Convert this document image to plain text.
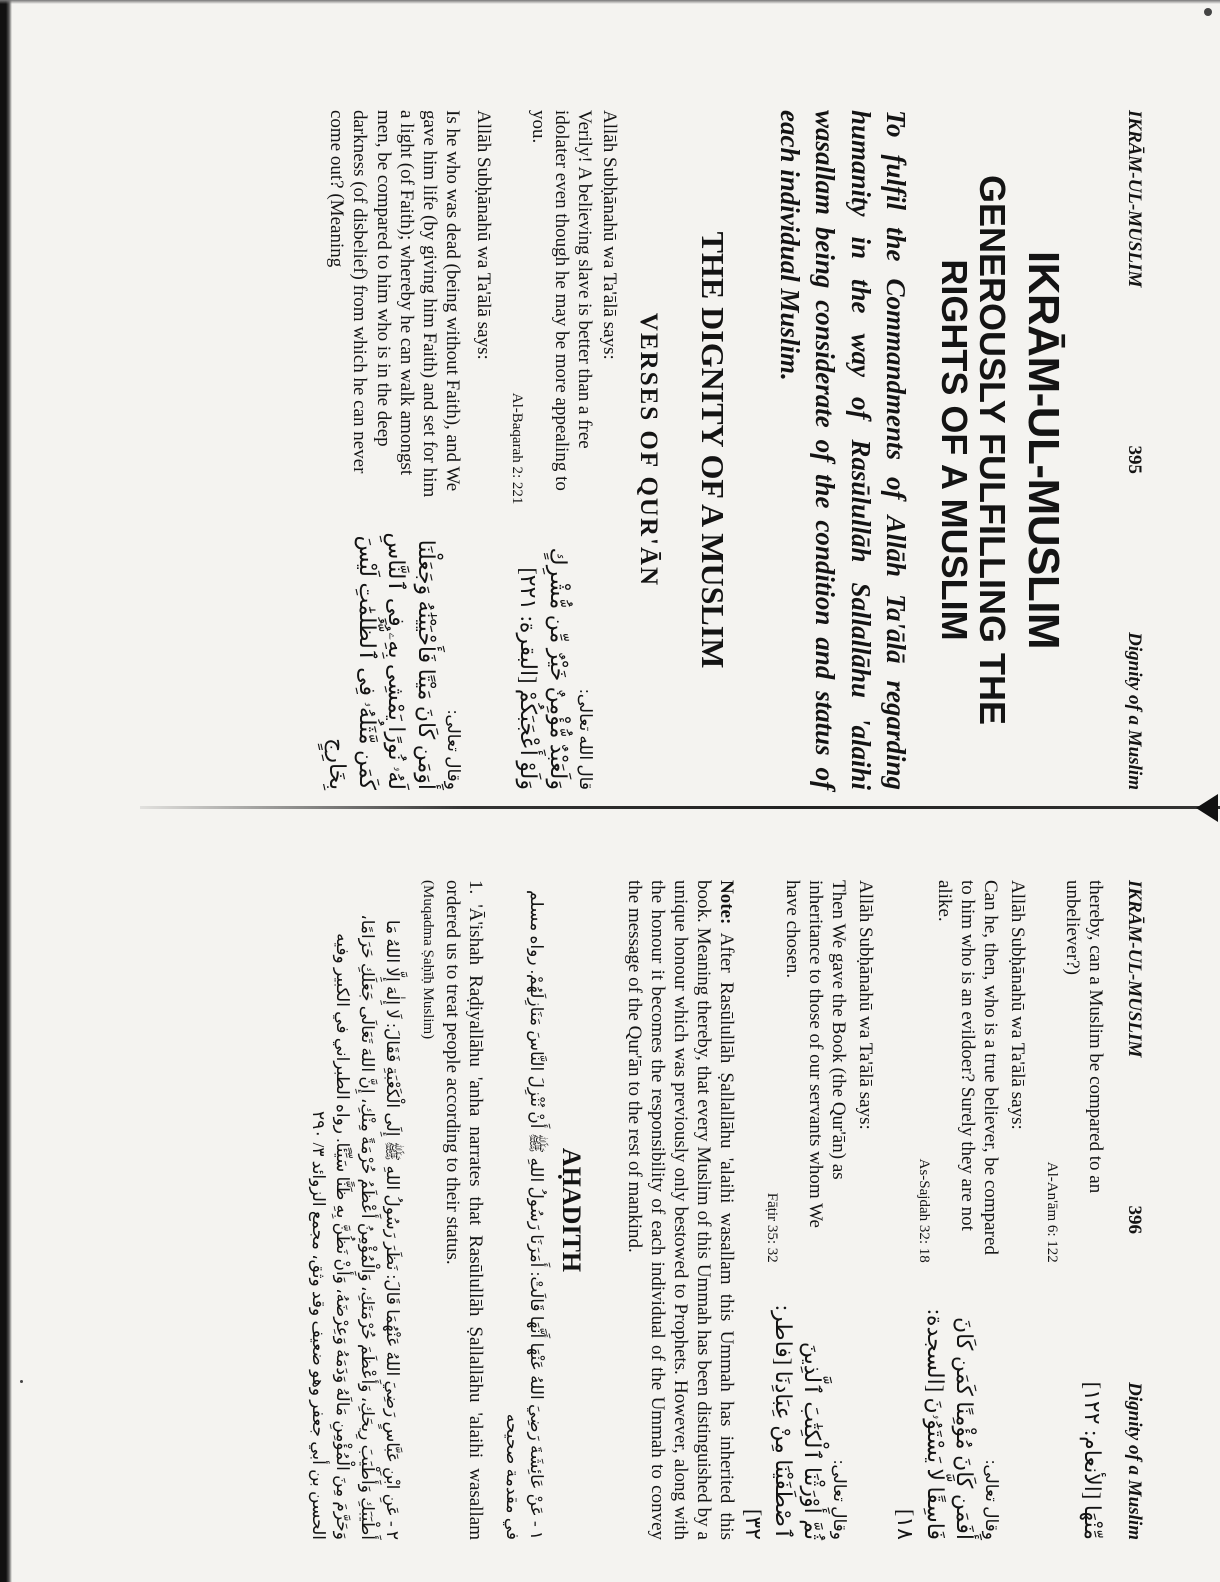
IKRĀM-UL-MUSLIM
395
Dignity of a Muslim
IKRĀM-UL-MUSLIM
GENEROUSLY FULFILLING THE
RIGHTS OF A MUSLIM
To fulfil the Commandments of Allāh Ta'ālā regarding humanity in the way of Rasūlullāh Sallallāhu 'alaihi wasallam being considerate of the condition and status of each individual Muslim.
THE DIGNITY OF A MUSLIM
VERSES OF QUR'ĀN
Allāh Subḥānahū wa Ta'ālā says:

Verily! A believing slave is better than a free idolater even though he may be more appealing to you.

Al-Baqarah 2: 221
قال الله تعالى:
وَلَعَبْدٌ مُّؤْمِنٌ خَيْرٌ مِّن مُّشْرِكٍ وَلَوْ أَعْجَبَكُمْ [البقرة: ٢٢١]
Allāh Subḥānahū wa Ta'ālā says:

Is he who was dead (being without Faith), and We gave him life (by giving him Faith) and set for him a light (of Faith); whereby he can walk amongst men, be compared to him who is in the deep darkness (of disbelief) from which he can never come out? (Meaning

وقال تعالى:
أَوَمَن كَانَ مَيْتًا فَأَحْيَيْنَٰهُ وَجَعَلْنَا لَهُۥ نُورًا يَمْشِى بِهِۦ فِى ٱلنَّاسِ كَمَن مَّثَلُهُۥ فِى ٱلظُّلُمَٰتِ لَيْسَ بِخَارِجٍ
IKRĀM-UL-MUSLIM
396
Dignity of a Muslim

thereby, can a Muslim be compared to an unbeliever?)

Al-An'ām 6: 122
مِّنْهَا [الأنعام: ١٢٢]
Allāh Subḥānahū wa Ta'ālā says:

Can he, then, who is a true believer, be compared to him who is an evildoer? Surely they are not alike.

As-Sajdah 32: 18
وقال تعالى:
أَفَمَن كَانَ مُؤْمِنًا كَمَن كَانَ فَاسِقًا لَّا يَسْتَوُۥنَ [السجدة: ١٨]
Allāh Subḥānahū wa Ta'ālā says:

Then We gave the Book (the Qur'ān) as inheritance to those of our servants whom We have chosen.

Fāṭir 35: 32
وقال تعالى:
ثُمَّ أَوْرَثْنَا ٱلْكِتَٰبَ ٱلَّذِينَ ٱصْطَفَيْنَا مِنْ عِبَادِنَا [فاطر: ٣٢]
Note: After Rasūlullāh Ṣallallāhu 'alaihi wasallam this Ummah has inherited this book. Meaning thereby, that every Muslim of this Ummah has been distinguished by a unique honour which was previously only bestowed to Prophets. However, along with the honour it becomes the responsibility of each individual of the Ummah to convey the message of the Qur'ān to the rest of mankind.
AḤADITH
١ - عَنْ عَائِشَةَ رَضِيَ اللهُ عَنْهَا أَنَّهَا قَالَتْ: أَمَرَنَا رَسُولُ اللهِ ﷺ أَنْ نُنْزِلَ النَّاسَ مَنَازِلَهُمْ. رواه مسلم في مقدمة صحيحه
1. 'Ā'ishah Raḍiyallāhu 'anha narrates that Rasūlullāh Ṣallallāhu 'alaihi wasallam ordered us to treat people according to their status.
(Muqadma Ṣaḥīḥ Muslim)
٢ - عَنِ ابْنِ عَبَّاسٍ رَضِيَ اللهُ عَنْهُمَا قَالَ: نَظَرَ رَسُولُ اللهِ ﷺ إِلَى الْكَعْبَةِ فَقَالَ: لَا إِلٰهَ إِلَّا اللهُ مَا أَطْيَبَكِ وَأَطْيَبَ رِيحَكِ، وَأَعْظَمَ حُرْمَتَكِ، وَالْمُؤْمِنُ أَعْظَمُ حُرْمَةً مِنْكِ، إِنَّ اللهَ تَعَالَى جَعَلَكِ حَرَامًا، وَحَرَّمَ مِنَ الْمُؤْمِنِ مَالَهُ وَدَمَهُ وَعِرْضَهُ، وَأَنْ نَظُنَّ بِهِ ظَنًّا سَيِّئًا. رواه الطبراني في الكبير وفيه الحسن بن أبي جعفر وهو ضعيف وقد وثق، مجمع الزوائد ٣/ ٢٩٠
